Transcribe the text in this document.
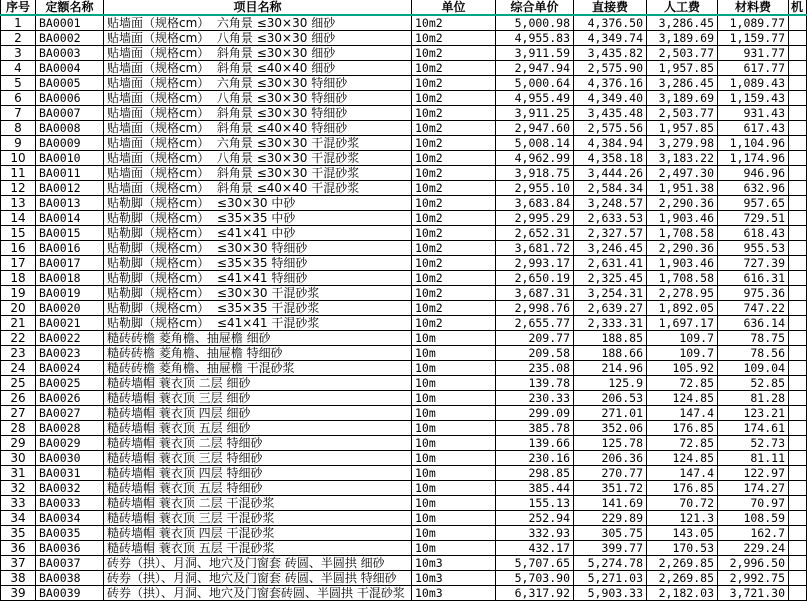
序号	定额名称	项目名称	单位	综合单价	直接费	人工费	材料费	机
1	BA0001	贴墙面（规格cm）  六角景 ≤30×30 细砂	10m2	5,000.98	4,376.50	3,286.45	1,089.77	
2	BA0002	贴墙面（规格cm）  八角景 ≤30×30 细砂	10m2	4,955.83	4,349.74	3,189.69	1,159.77	
3	BA0003	贴墙面（规格cm）  斜角景 ≤30×30 细砂	10m2	3,911.59	3,435.82	2,503.77	931.77	
4	BA0004	贴墙面（规格cm）  斜角景 ≤40×40 细砂	10m2	2,947.94	2,575.90	1,957.85	617.77	
5	BA0005	贴墙面（规格cm）  六角景 ≤30×30 特细砂	10m2	5,000.64	4,376.16	3,286.45	1,089.43	
6	BA0006	贴墙面（规格cm）  八角景 ≤30×30 特细砂	10m2	4,955.49	4,349.40	3,189.69	1,159.43	
7	BA0007	贴墙面（规格cm）  斜角景 ≤30×30 特细砂	10m2	3,911.25	3,435.48	2,503.77	931.43	
8	BA0008	贴墙面（规格cm）  斜角景 ≤40×40 特细砂	10m2	2,947.60	2,575.56	1,957.85	617.43	
9	BA0009	贴墙面（规格cm）  六角景 ≤30×30 干混砂浆	10m2	5,008.14	4,384.94	3,279.98	1,104.96	
10	BA0010	贴墙面（规格cm）  八角景 ≤30×30 干混砂浆	10m2	4,962.99	4,358.18	3,183.22	1,174.96	
11	BA0011	贴墙面（规格cm）  斜角景 ≤30×30 干混砂浆	10m2	3,918.75	3,444.26	2,497.30	946.96	
12	BA0012	贴墙面（规格cm）  斜角景 ≤40×40 干混砂浆	10m2	2,955.10	2,584.34	1,951.38	632.96	
13	BA0013	贴勒脚（规格cm）  ≤30×30 中砂	10m2	3,683.84	3,248.57	2,290.36	957.65	
14	BA0014	贴勒脚（规格cm）  ≤35×35 中砂	10m2	2,995.29	2,633.53	1,903.46	729.51	
15	BA0015	贴勒脚（规格cm）  ≤41×41 中砂	10m2	2,652.31	2,327.57	1,708.58	618.43	
16	BA0016	贴勒脚（规格cm）  ≤30×30 特细砂	10m2	3,681.72	3,246.45	2,290.36	955.53	
17	BA0017	贴勒脚（规格cm）  ≤35×35 特细砂	10m2	2,993.17	2,631.41	1,903.46	727.39	
18	BA0018	贴勒脚（规格cm）  ≤41×41 特细砂	10m2	2,650.19	2,325.45	1,708.58	616.31	
19	BA0019	贴勒脚（规格cm）  ≤30×30 干混砂浆	10m2	3,687.31	3,254.31	2,278.95	975.36	
20	BA0020	贴勒脚（规格cm）  ≤35×35 干混砂浆	10m2	2,998.76	2,639.27	1,892.05	747.22	
21	BA0021	贴勒脚（规格cm）  ≤41×41 干混砂浆	10m2	2,655.77	2,333.31	1,697.17	636.14	
22	BA0022	糙砖砖檐 菱角檐、抽屉檐 细砂	10m	209.77	188.85	109.7	78.75	
23	BA0023	糙砖砖檐 菱角檐、抽屉檐 特细砂	10m	209.58	188.66	109.7	78.56	
24	BA0024	糙砖砖檐 菱角檐、抽屉檐 干混砂浆	10m	235.08	214.96	105.92	109.04	
25	BA0025	糙砖墙帽 蓑衣顶 二层 细砂	10m	139.78	125.9	72.85	52.85	
26	BA0026	糙砖墙帽 蓑衣顶 三层 细砂	10m	230.33	206.53	124.85	81.28	
27	BA0027	糙砖墙帽 蓑衣顶 四层 细砂	10m	299.09	271.01	147.4	123.21	
28	BA0028	糙砖墙帽 蓑衣顶 五层 细砂	10m	385.78	352.06	176.85	174.61	
29	BA0029	糙砖墙帽 蓑衣顶 二层 特细砂	10m	139.66	125.78	72.85	52.73	
30	BA0030	糙砖墙帽 蓑衣顶 三层 特细砂	10m	230.16	206.36	124.85	81.11	
31	BA0031	糙砖墙帽 蓑衣顶 四层 特细砂	10m	298.85	270.77	147.4	122.97	
32	BA0032	糙砖墙帽 蓑衣顶 五层 特细砂	10m	385.44	351.72	176.85	174.27	
33	BA0033	糙砖墙帽 蓑衣顶 二层 干混砂浆	10m	155.13	141.69	70.72	70.97	
34	BA0034	糙砖墙帽 蓑衣顶 三层 干混砂浆	10m	252.94	229.89	121.3	108.59	
35	BA0035	糙砖墙帽 蓑衣顶 四层 干混砂浆	10m	332.93	305.75	143.05	162.7	
36	BA0036	糙砖墙帽 蓑衣顶 五层 干混砂浆	10m	432.17	399.77	170.53	229.24	
37	BA0037	砖券（拱）、月洞、地穴及门窗套 砖圆、半圆拱 细砂	10m3	5,707.65	5,274.78	2,269.85	2,996.50	
38	BA0038	砖券（拱）、月洞、地穴及门窗套 砖圆、半圆拱 特细砂	10m3	5,703.90	5,271.03	2,269.85	2,992.75	
39	BA0039	砖券（拱）、月洞、地穴及门窗套砖圆、半圆拱 干混砂浆	10m3	6,317.92	5,903.33	2,182.03	3,721.30	
